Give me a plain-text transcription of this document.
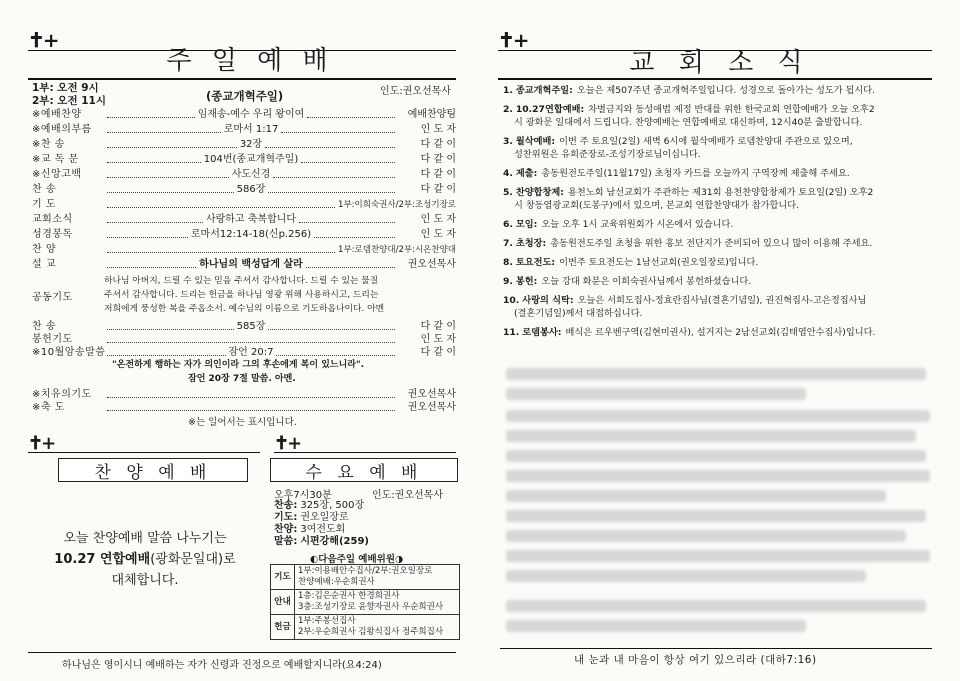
✝+
주 일 예 배
1부: 오전 9시
2부: 오전 11시	(종교개혁주일)	인도:권오선목사
※예배찬양	임재송-예수 우리 왕이여	예배찬양팀
※예배의부름	로마서 1:17	인 도 자
※찬 송	32장	다 같 이
※교 독 문	104번(종교개혁주일)	다 같 이
※신앙고백	사도신경	다 같 이
찬 송	586장	다 같 이
기 도	1부:이희숙권사/2부:조성기장로
교회소식	사랑하고 축복합니다	인 도 자
성경봉독	로마서12:14-18(신p.256)	인 도 자
찬 양	1부:로뎀찬양대/2부:시온찬양대
설 교	하나님의 백성답게 살라	권오선목사
공동기도
하나님 아버지, 드릴 수 있는 믿음 주셔서 감사합니다. 드릴 수 있는 물질
주셔서 감사합니다. 드리는 헌금을 하나님 영광 위해 사용하시고, 드리는
저희에게 풍성한 복을 주옵소서. 예수님의 이름으로 기도하옵나이다. 아멘
찬 송	585장	다 같 이
봉헌기도	인 도 자
※10월암송말씀	잠언 20:7	다 같 이
"온전하게 행하는 자가 의인이라 그의 후손에게 복이 있느니라".
잠언 20장 7절 말씀. 아멘.
※치유의기도	권오선목사
※축 도	권오선목사
※는 일어서는 표시입니다.
✝+
찬 양 예 배
오늘 찬양예배 말씀 나누기는
10.27 연합예배(광화문일대)로
대체합니다.
✝+
수 요 예 배
오후7시30분	인도:권오선목사
찬송: 325장, 500장
기도: 권오일장로
찬양: 3여전도회
말씀: 시편강해(259)
◐다음주일 예배위원◑
기도	1부:이용배안수집사/2부:권오일장로
찬양예배:우순희권사

안내	1층:김은순권사 한경희권사
3층:조성기장로 윤향자권사 우순희권사

헌금	1부:주봉선집사
2부:우순희권사 김왕식집사 정주희집사
하나님은 영이시니 예배하는 자가 신령과 진정으로 예배할지니라(요4:24)
✝+
교 회 소 식
1. 종교개혁주일: 오늘은 제507주년 종교개혁주일입니다. 성경으로 돌아가는 성도가 됩시다.
2. 10.27연합예배: 차별금지와 동성애법 제정 반대를 위한 한국교회 연합예배가 오늘 오후2
시 광화문 일대에서 드립니다. 찬양예배는 연합예배로 대신하며, 12시40분 출발합니다.
3. 월삭예배: 이번 주 토요일(2일) 새벽 6시에 월삭예배가 로뎀찬양대 주관으로 있으며,
성찬위원은 유희준장로-조성기장로님이십니다.
4. 제출: 총동원전도주일(11월17일) 초청자 카드를 오늘까지 구역장께 제출해 주세요.
5. 찬양합창제: 용천노회 남선교회가 주관하는 제31회 용천찬양합창제가 토요일(2일) 오후2
시 창동염광교회(도봉구)에서 있으며, 본교회 연합찬양대가 참가합니다.
6. 모임: 오늘 오후 1시 교육위원회가 시온에서 있습니다.
7. 초청장: 총동원전도주일 초청을 위한 홍보 전단지가 준비되어 있으니 많이 이용해 주세요.
8. 토요전도: 이번주 토요전도는 1남선교회(권오일장로)입니다.
9. 봉헌: 오늘 강대 화분은 이희숙권사님께서 봉헌하셨습니다.
10. 사랑의 식탁: 오늘은 서희도집사-정효란집사님(결혼기념일), 권진혁집사-고은정집사님
(결혼기념일)께서 대접하십니다.
11. 로뎀봉사: 배식은 르우벤구역(김현미권사), 설거지는 2남선교회(김태엽안수집사)입니다.
내 눈과 내 마음이 항상 여기 있으리라 (대하7:16)
